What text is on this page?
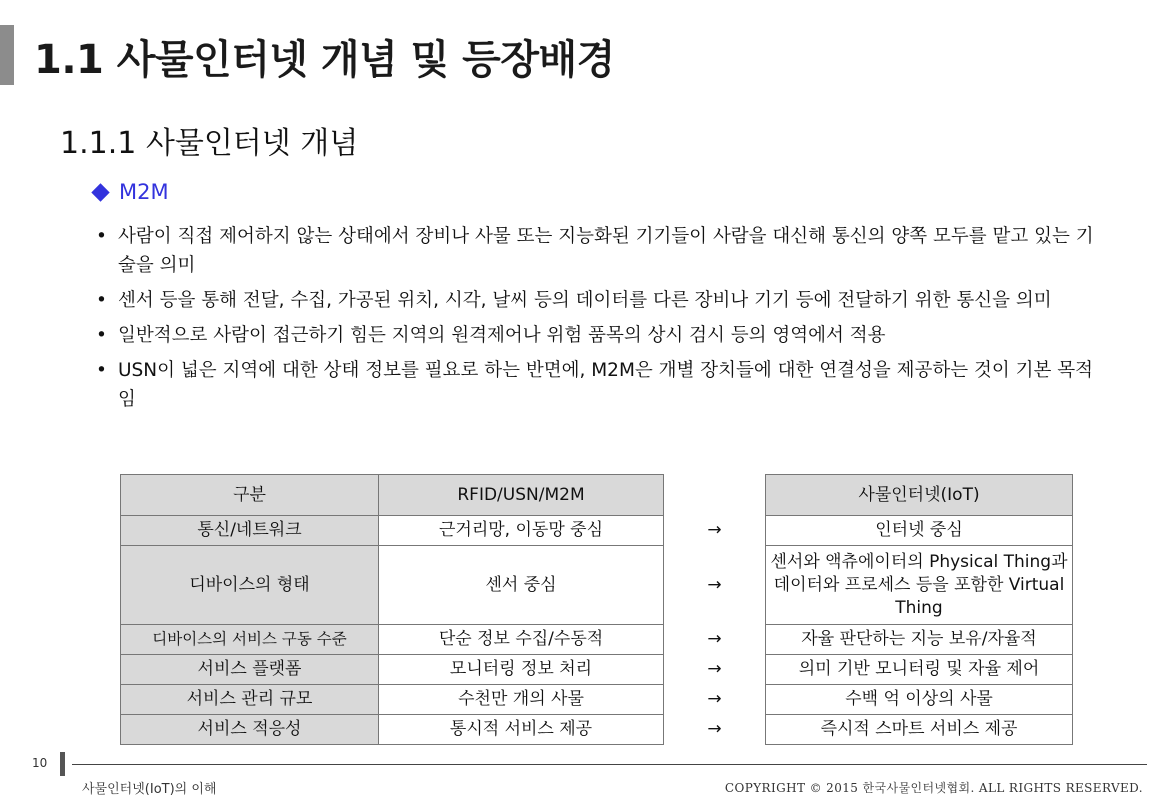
1.1 사물인터넷 개념 및 등장배경
1.1.1 사물인터넷 개념
M2M
• 사람이 직접 제어하지 않는 상태에서 장비나 사물 또는 지능화된 기기들이 사람을 대신해 통신의 양쪽 모두를 맡고 있는 기술을 의미
• 센서 등을 통해 전달, 수집, 가공된 위치, 시각, 날씨 등의 데이터를 다른 장비나 기기 등에 전달하기 위한 통신을 의미
• 일반적으로 사람이 접근하기 힘든 지역의 원격제어나 위험 품목의 상시 검시 등의 영역에서 적용
• USN이 넓은 지역에 대한 상태 정보를 필요로 하는 반면에, M2M은 개별 장치들에 대한 연결성을 제공하는 것이 기본 목적 임
구분	RFID/USN/M2M		사물인터넷(IoT)
통신/네트워크	근거리망, 이동망 중심	→	인터넷 중심
디바이스의 형태	센서 중심	→	센서와 액츄에이터의 Physical Thing과 데이터와 프로세스 등을 포함한 Virtual Thing
디바이스의 서비스 구동 수준	단순 정보 수집/수동적	→	자율 판단하는 지능 보유/자율적
서비스 플랫폼	모니터링 정보 처리	→	의미 기반 모니터링 및 자율 제어
서비스 관리 규모	수천만 개의 사물	→	수백 억 이상의 사물
서비스 적응성	통시적 서비스 제공	→	즉시적 스마트 서비스 제공
10
사물인터넷(IoT)의 이해	COPYRIGHT © 2015 한국사물인터넷협회. ALL RIGHTS RESERVED.
